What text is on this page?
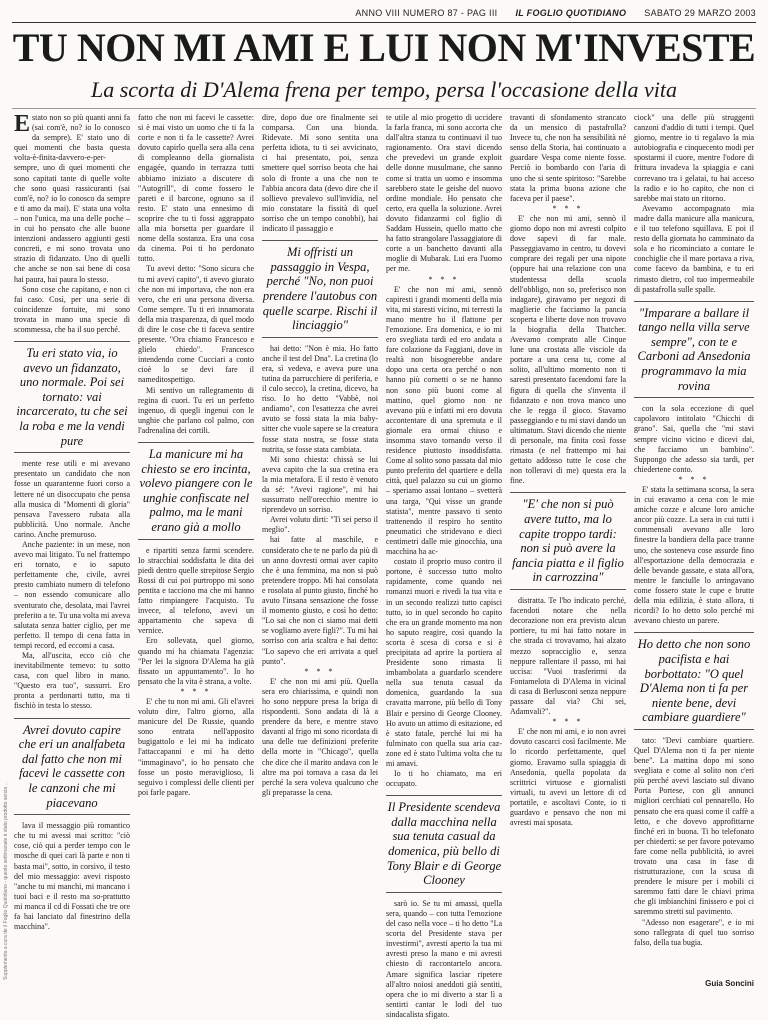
ANNO VIII NUMERO 87 - PAG III IL FOGLIO QUOTIDIANO SABATO 29 MARZO 2003
TU NON MI AMI E LUI NON M'INVESTE
La scorta di D'Alema frena per tempo, persa l'occasione della vita
Supplemento a cura de il Foglio Quotidiano - questo settimanale è stato prodotto senza ...

Estato non so più quanti anni fa (sai com'è, no? io lo conosco da sempre). E' stato uno di quei momenti che basta questa volta-è-finita-davvero-e-per-sempre, uno di quei momenti che sono capitati tante di quelle volte che sono quasi rassicuranti (sai com'è, no? io lo conosco da sempre e ti amo da mai). E' stata una volta – non l'unica, ma una delle poche – in cui ho pensato che alle buone intenzioni andassero aggiunti gesti concreti, e mi sono trovata uno strazio di fidanzato. Uno di quelli che anche se non sai bene di cosa hai paura, hai paura lo stesso.

Sono cose che capitano, e non ci fai caso. Così, per una serie di coincidenze fortuite, mi sono trovata in mano una specie di scommessa, che ha il suo perché.

Tu eri stato via, io avevo un fidanzato, uno normale. Poi sei tornato: vai incarcerato, tu che sei la roba e me la vendi pure

mente rese utili e mi avevano presentato un candidato che non fosse un quarantenne fuori corso a lettere né un disoccupato che pensa alla musica di "Momenti di gloria" pensava l'avessero rubata alla pubblicità. Uno normale. Anche carino. Anche premuroso.

Anche paziente: in un mese, non avevo mai litigato. Tu nel frattempo eri tornato, e io saputo perfettamente che, civile, avrei presto cambiato numero di telefono – non essendo comunicare allo sventurato che, desolata, mai l'avrei preferito a te. Tu una volta mi aveva salutata senza batter ciglio, per me perfetto. Il tempo di cena fatta in tempi record, ed eccomi a casa.

Ma, all'uscita, ecco ciò che inevitabilmente temevo: tu sotto casa, con quel libro in mano. "Questo era tuo", sussurri. Ero pronta a perdonarti tutto, ma ti fischiò in testa lo stesso.

Avrei dovuto capire che eri un analfabeta dal fatto che non mi facevi le cassette con le canzoni che mi piacevano

lava il messaggio più romantico che tu mi avessi mai scritto: "ciò cose, ciò qui a perder tempo con le mosche di quei cari là parte e non ti basta mai", sotto, in corsivo, il testo del mio messaggio: avevi risposto "anche tu mi manchi, mi mancano i tuoi baci e il resto ma so-prattutto mi manca il cd di Fossati che tre ore fa hai lanciato dal finestrino della macchina".

fatto che non mi facevi le cassette: si è mai visto un uomo che ti fa la corte e non ti fa le cassette? Avrei dovuto capirlo quella sera alla cena di compleanno della giornalista engagée, quando in terrazza tutti abbiamo iniziato a discutere di "Autogrill", di come fossero le pareti e il barcone, ognuno sa il resto. E' stato una ennesimo di scoprire che tu ti fossi aggrappato alla mia borsetta per guardare il nome della sostanza. Era una cosa da cinema. Poi ti ho perdonato tutto.

Tu avevi detto: "Sono sicura che tu mi avevi capito", ti avevo giurato che non mi importava, che non era vero, che eri una persona diversa. Come sempre. Tu ti eri innamorata della mia trasparenza, di quel modo di dire le cose che ti faceva sentire presente. "Ora chiamo Francesco e glielo chiedo". Francesco intendendo come Cucciari a conto cioè lo se devi fare il nameditospettigo.

Mi sentivo un rallegramento di regina di cuori. Tu eri un perfetto ingenuo, di quegli ingenui con le unghie che parlano col palmo, con l'adrenalina dei cortili.

La manicure mi ha chiesto se ero incinta, volevo piangere con le unghie confiscate nel palmo, ma le mani erano già a mollo

e ripartiti senza farmi scendere. Io stracchiai soddisfatta le dita dei piedi dentro quelle strepitose Sergio Rossi di cui poi purtroppo mi sono pentita e tacciono ma che mi hanno fatto rimpiangere l'acquisto. Tu invece, al telefono, avevi un appartamento che sapeva di vernice.

Ero sollevata, quel giorno, quando mi ha chiamata l'agenzia: "Per lei la signora D'Alema ha già fissato un appuntamento". Io ho pensato che la vita è strana, a volte.

* * *

E' che tu non mi ami. Gli el'avrei voluto dire, l'altro giorno, alla manicure del De Russie, quando sono entrata nell'apposito bugigattolo e lei mi ha indicato l'attaccapanni e mi ha detto "immaginavo", io ho pensato che fosse un posto meraviglioso, lì seguivo i complessi delle clienti per poi farle pagare.

dire, dopo due ore finalmente sei comparsa. Con una bionda. Ridevate. Mi sono sentita una perfetta idiota, tu ti sei avvicinato, ci hai presentato, poi, senza smettere quel sorriso beota che hai solo di fronte a una che non te l'abbia ancora data (devo dire che il sollievo prevalevo sull'invidia, nel mio constatare la fissità di quel sorriso che un tempo conobbi), hai indicato il passaggio e

Mi offristi un passaggio in Vespa, perché "No, non puoi prendere l'autobus con quelle scarpe. Rischi il linciaggio"

hai detto: "Non è mia. Ho fatto anche il test del Dna". La cretina (lo era, sì vedeva, e aveva pure una tutina da parrucchiere di periferia, e il culo secco), la cretina, dicevo, ha riso. Io ho detto "Vabbè, noi andiamo", con l'esattezza che avrei avuto se fossi stata la mia baby-sitter che vuole sapere se la creatura fosse stata nostra, se fosse stata nutrita, se fosse stata cambiata.

Mi sono chiesta: chissà se lui aveva capito che la sua cretina era la mia metafora. E il resto è venuto da sé: "Avevi ragione", mi hai sussurrato nell'orecchio mentre io riprendevo un sorriso.

Avrei voluto dirti: "Ti sei perso il meglio".

hai fatte al maschile, e considerato che te ne parlo da più di un anno dovresti ormai aver capito che è una femmina, ma non si può pretendere troppo. Mi hai consolata e rosolata al punto giusto, finché ho avuto l'insana sensazione che fosse il momento giusto, e così ho detto: "Lo sai che non ci siamo mai detti se vogliamo avere figli?". Tu mi hai sorriso con aria scaltra e hai detto: "Lo sapevo che eri arrivata a quel punto".

* * *

E' che non mi ami più. Quella sera ero chiarissima, e quindi non ho sono neppure presa la briga di rispondenti. Sono andata di là a prendere da bere, e mentre stavo davanti al frigo mi sono ricordata di una delle tue definizioni preferite della morte in "Chicago", quella che dice che il marito andava con le altre ma poi tornava a casa da lei perché la sera voleva qualcuno che gli preparasse la cena.

te utile al mio progetto di uccidere la farla franca, mi sono accorta che dall'altra stanza tu continuavi il tuo ragionamento. Ora stavi dicendo che prevedevi un grande exploit delle donne musulmane, che sanno come si tratta un uomo e insomma sarebbero state le geishe del nuovo ordine mondiale. Ho pensato che certo, era quella la soluzione. Avrei dovuto fidanzarmi col figlio di Saddam Hussein, quello matto che ha fatto strangolare l'assaggiatore di corte a un banchetto davanti alla moglie di Mubarak. Lui era l'uomo per me.

* * *

E' che non mi ami, sennò capiresti i grandi momenti della mia vita, mi staresti vicino, mi terresti la mano mentre ho il flattone per l'emozione. Era domenica, e io mi ero svegliata tardi ed ero andata a fare colazione da Faggiani, dove in realtà non bisognerebbe andare dopo una certa ora perché o non hanno più cornetti o se ne hanno non sono più buoni come al mattino, quel giorno non ne avevano più e infatti mi ero dovuta accontentare di una spremuta e il giornale era ormai chiuso e insomma stavo tornando verso il residence piuttosto insoddisfatta. Come al solito sono passata dal mio punto preferito del quartiere e della città, quel palazzo su cui un giorno – speriamo assai lontano – svetterà una targa, "Qui visse un grande statista", mentre passavo ti sento trattenendo il respiro ho sentito pneumatici che stridevano e dieci centimetri dalle mie ginocchia, una macchina ha ac-

costato il proprio muso contro il portone, è successo tutto molto rapidamente, come quando nei romanzi muori e rivedi la tua vita e in un secondo realizzi tutto capisci tutto, io in quel secondo ho capito che era un grande momento ma non ho saputo reagire, così quando la scorta è scesa di corsa e si è precipitata ad aprire la portiera al Presidente sono rimasta lì imbambolata a guardarlo scendere nella sua tenuta casual da domenica, guardando la sua cravatta marrone, più bello di Tony Blair e persino di George Clooney. Ho avuto un attimo di esitazione, ed è stato fatale, perché lui mi ha fulminato con quella sua aria caz-zone ed è stato l'ultima volta che tu mi amavi.

Io ti ho chiamato, ma eri occupato.

Il Presidente scendeva dalla macchina nella sua tenuta casual da domenica, più bello di Tony Blair e di George Clooney

sarò io. Se tu mi amassi, quella sera, quando – con tutta l'emozione del caso nella voce – ti ho detto "La scorta del Presidente stava per investirmi", avresti aperto la tua mi avresti preso la mano e mi avresti chiesto di raccontartelo ancora. Amare significa lasciar ripetere all'altro noiosi aneddoti già sentiti, opera che io mi diverto a star lì a sentirti cantar le lodi del tuo sindacalista sfigato.

travanti di sfondamento strancato da un mensico di pastafrolla? Invece tu, che non ha sensibilità né senso della Storia, hai continuato a guardare Vespa come niente fosse. Perciò io bombardo con l'aria di uno che si sente spiritoso: "Sarebbe stata la prima buona azione che faceva per il paese".

* * *

E' che non mi ami, sennò il giorno dopo non mi avresti colpito dove sapevi di far male. Passeggiavamo in centro, tu dovevi comprare dei regali per una nipote (oppure hai una relazione con una studentessa della scuola dell'obbligo, non so, preferisco non indagare), giravamo per negozi di maglierie che facciamo la pancia scoperta e liberte dove non trovavo la biografia della Thatcher. Avevamo comprato alle Cinque lune una crostata alle visciole da portare a una cena tu, come al solito, all'ultimo momento non ti saresti presentato facendomi fare la figura di quella che s'inventa il fidanzato e non trova manco uno che le regga il gioco. Stavamo passeggiando e tu mi stavi dando un ultimatum. Stavi dicendo che niente di personale, ma finita così fosse rimasta (e nel frattempo mi hai gettato addosso tutte le cose che non tolleravi di me) questa era la fine.

"E' che non si può avere tutto, ma lo capite troppo tardi: non si può avere la fancia piatta e il figlio in carrozzina"

distratta. Te l'ho indicato perché, facendoti notare che nella decorazione non era previsto alcun portiere, tu mi hai fatto notare in che strada ci trovavamo, hai alzato mezzo sopracciglio e, senza neppure rallentare il passo, mi hai uccisa: "Vuoi trasferirmi da Fontamelota di D'Alema in vicinal di casa di Berlusconi senza neppure passare dal via? Chi sei, Adamvali?".

* * *

E' che non mi ami, e io non avrei dovuto cascarci così facilmente. Me lo ricordo perfettamente, quel giorno. Eravamo sulla spiaggia di Ansedonia, quella popolata da scrittrici virtuose e giornalisti virtuali, tu avevi un lettore di cd portatile, e ascoltavi Conte, io ti guardavo e pensavo che non mi avresti mai sposata.

ciock" una delle più struggenti canzoni d'addio di tutti i tempi. Quel giorno, mentre io ti regalavo la mia autobiografia e cinquecento modi per spostarmi il cuore, mentre l'odore di frittura invadeva la spiaggia e cani correvano tra i gelatai, tu hai acceso la radio e io ho capito, che non ci sarebbe mai stato un ritorno.

Avevamo accompagnato mia madre dalla manicure alla manicura, e il tuo telefono squillava. E poi il resto della giornata ho camminato da sola e ho ricominciato a contare le conchiglie che il mare portava a riva, come facevo da bambina, e tu eri rimasto dietro, col tuo impermeabile di pastafrolla sulle spalle.

"Imparare a ballare il tango nella villa serve sempre", con te e Carboni ad Ansedonia programmavo la mia rovina

con la sola eccezione di quel capolavoro intitolato "Chicchi di grano". Sai, quella che "mi stavi sempre vicino vicino e dicevi dai, che facciamo un bambino". Suppongo che adesso sia tardi, per chiedertene conto.

* * *

E' stata la settimana scorsa, la sera in cui eravamo a cena con le mie amiche cozze e alcune loro amiche ancor più cozze. La sera in cui tutti i commensali avevano alle loro finestre la bandiera della pace tranne uno, che sosteneva cose assurde fino all'esportazione della democrazia e delle bevande gassate, e stata all'ora, mentre le fanciulle lo arringavano come fossero state le cupe e brutte della mia edilizia, è stato allora, ti ricordi? Io ho detto solo perché mi avevano chiesto un parere.

Ho detto che non sono pacifista e hai borbottato: "O quel D'Alema non ti fa per niente bene, devi cambiare guardiere"

tato: "Devi cambiare quartiere. Quel D'Alema non ti fa per niente bene". La mattina dopo mi sono svegliata e come al solito non c'eri più perché avevi lasciato sul divano Porta Portese, con gli annunci migliori cerchiati col pennarello. Ho pensato che era quasi come il caffè a letto, e che dovevo approfittarne finché eri in buona. Ti ho telefonato per chiederti: se per favore potevamo fare come nella pubblicità, io avrei trovato una casa in fase di ristrutturazione, con la scusa di prendere le misure per i mobili ci saremmo fatti dare le chiavi prima che gli imbianchini finissero e poi ci saremmo stretti sul pavimento.

"Adesso non esagerare", e io mi sono rallegrata di quel tuo sorriso falso, della tua bugia.

Guia Soncini
